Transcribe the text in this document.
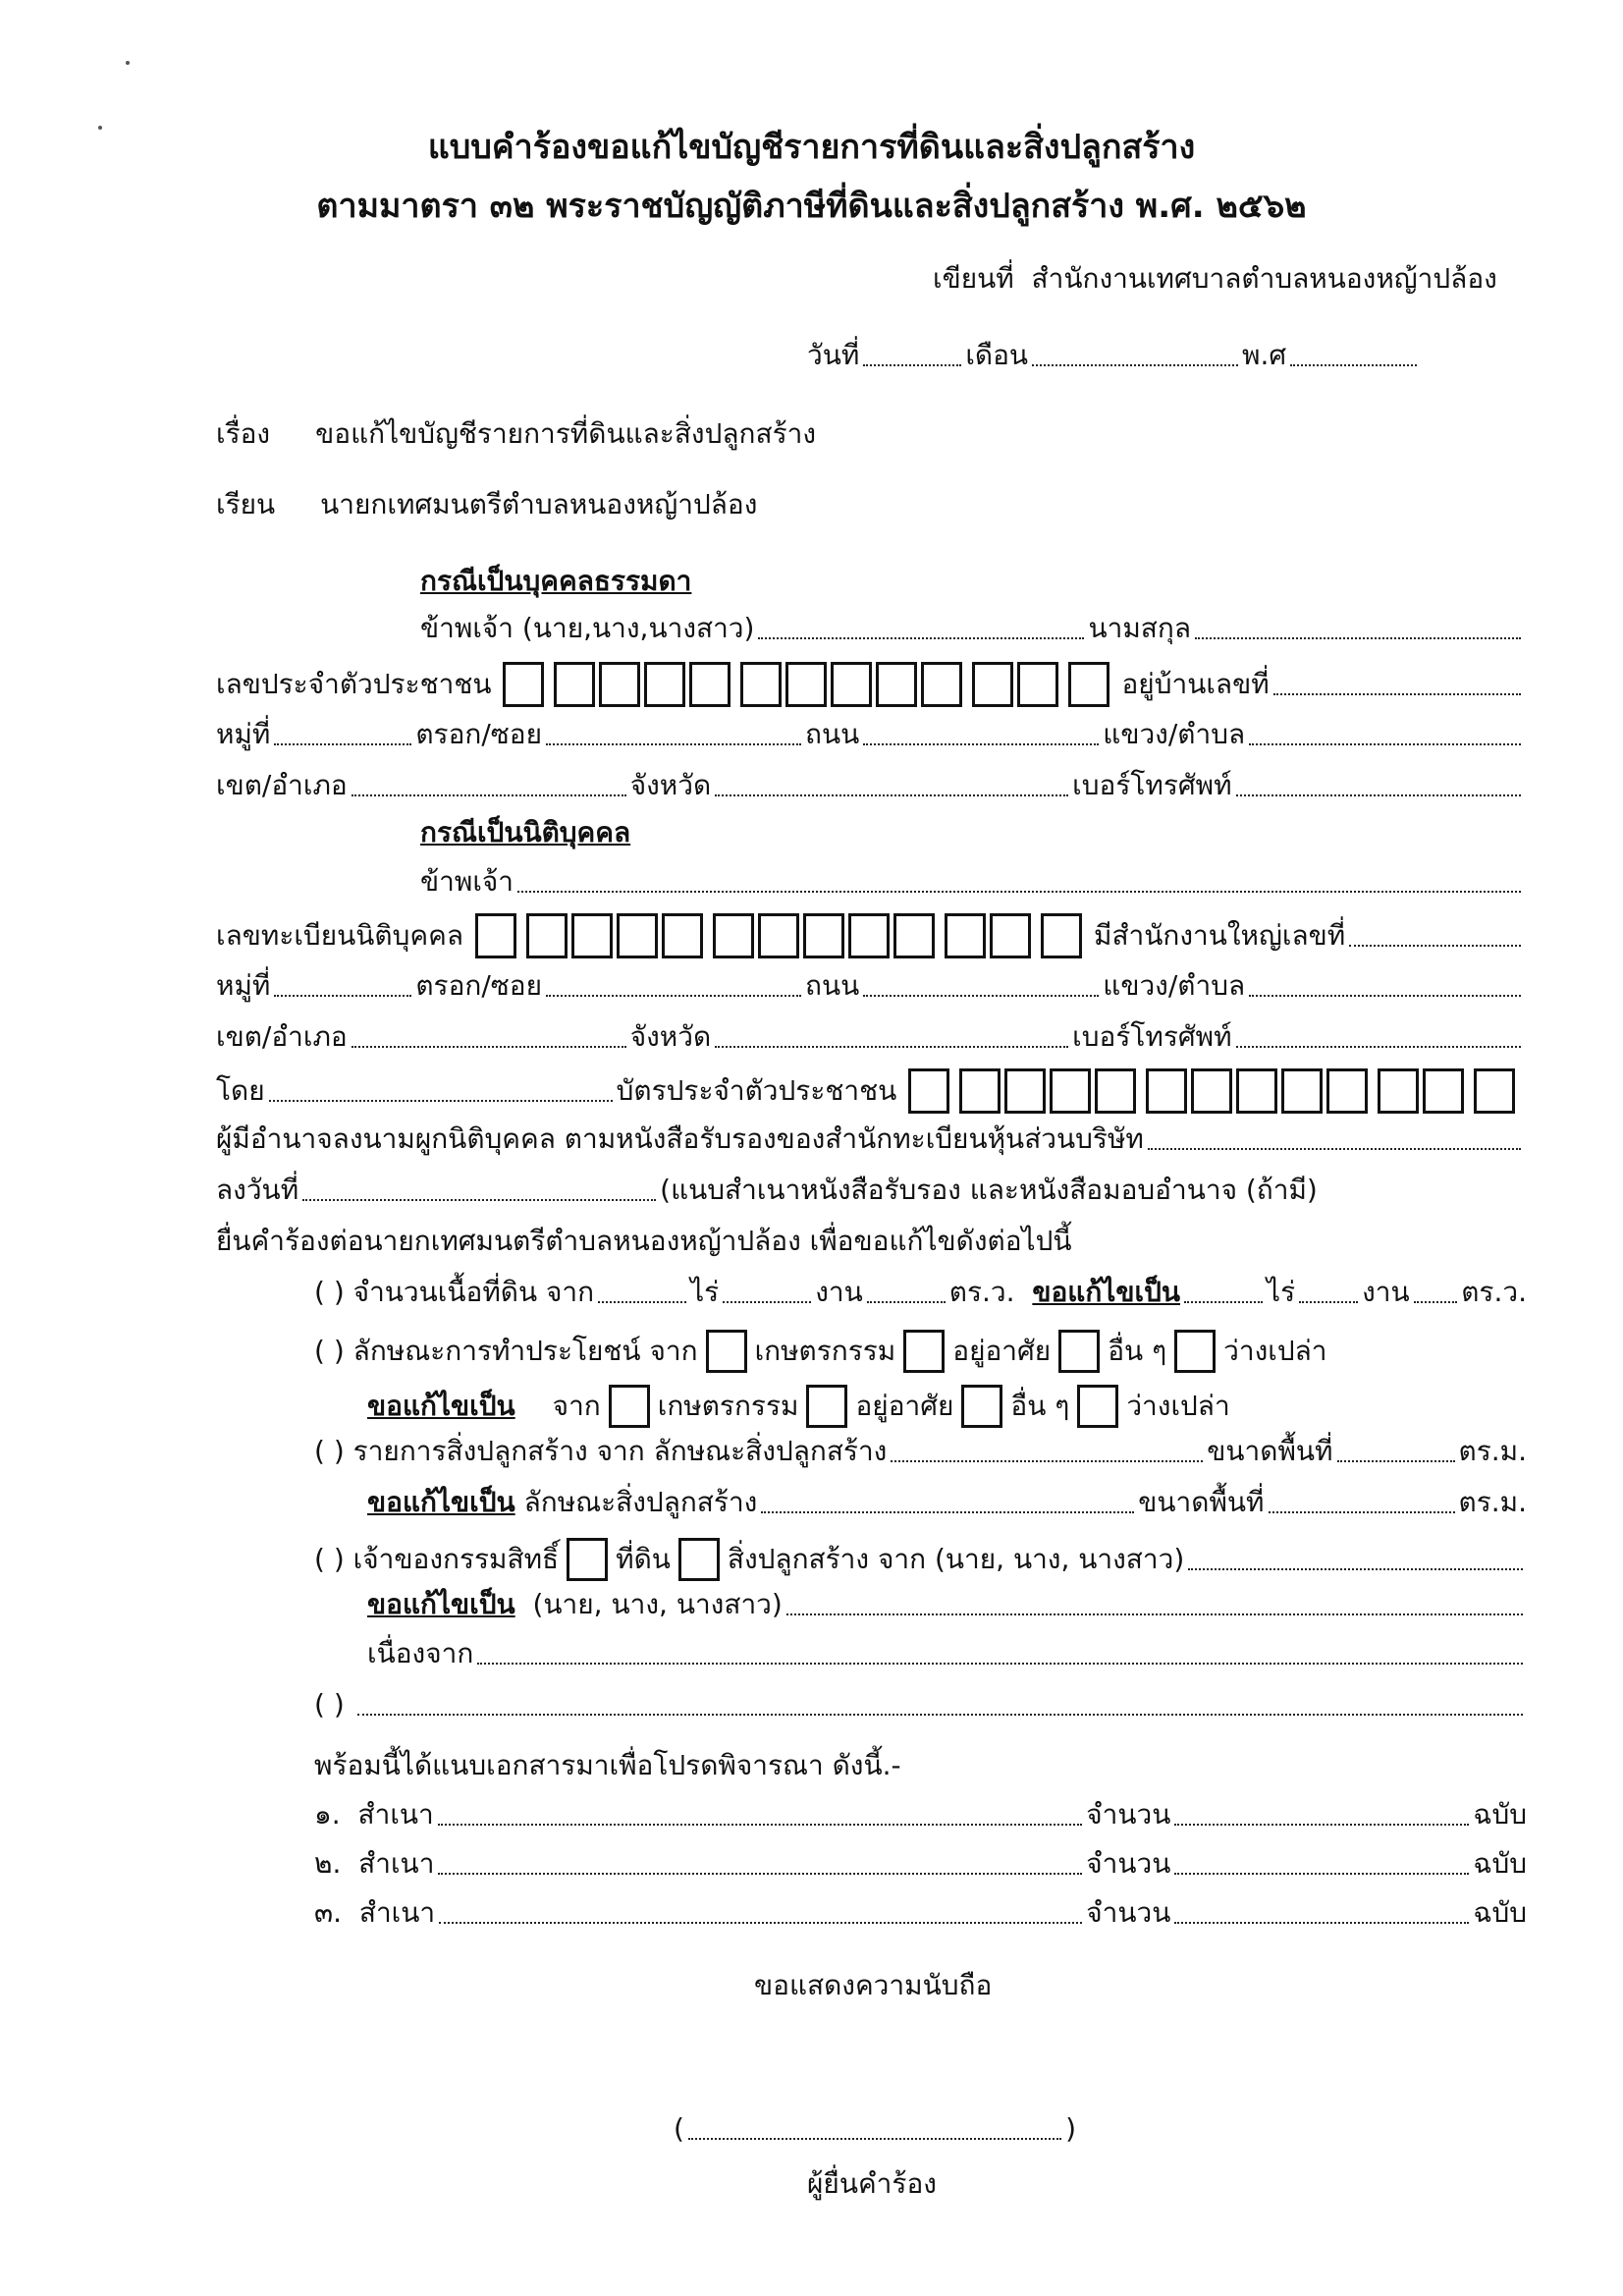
แบบคำร้องขอแก้ไขบัญชีรายการที่ดินและสิ่งปลูกสร้าง
ตามมาตรา ๓๒ พระราชบัญญัติภาษีที่ดินและสิ่งปลูกสร้าง พ.ศ. ๒๕๖๒
เขียนที่ สำนักงานเทศบาลตำบลหนองหญ้าปล้อง
วันที่	เดือน	พ.ศ
เรื่อง ขอแก้ไขบัญชีรายการที่ดินและสิ่งปลูกสร้าง
เรียน นายกเทศมนตรีตำบลหนองหญ้าปล้อง
กรณีเป็นบุคคลธรรมดา
ข้าพเจ้า (นาย,นาง,นางสาว)	นามสกุล
เลขประจำตัวประชาชน	อยู่บ้านเลขที่
หมู่ที่	ตรอก/ซอย	ถนน	แขวง/ตำบล
เขต/อำเภอ	จังหวัด	เบอร์โทรศัพท์
กรณีเป็นนิติบุคคล
ข้าพเจ้า
เลขทะเบียนนิติบุคคล	มีสำนักงานใหญ่เลขที่
หมู่ที่	ตรอก/ซอย	ถนน	แขวง/ตำบล
เขต/อำเภอ	จังหวัด	เบอร์โทรศัพท์
โดย	บัตรประจำตัวประชาชน
ผู้มีอำนาจลงนามผูกนิติบุคคล ตามหนังสือรับรองของสำนักทะเบียนหุ้นส่วนบริษัท
ลงวันที่	(แนบสำเนาหนังสือรับรอง และหนังสือมอบอำนาจ (ถ้ามี)
ยื่นคำร้องต่อนายกเทศมนตรีตำบลหนองหญ้าปล้อง เพื่อขอแก้ไขดังต่อไปนี้
( )
จำนวนเนื้อที่ดิน จาก	ไร่	งาน	ตร.ว.
ขอแก้ไขเป็น	ไร่ งาน ตร.ว.
( )
ลักษณะการทำประโยชน์ จาก เกษตรกรรม อยู่อาศัย อื่น ๆ ว่างเปล่า
ขอแก้ไขเป็น จาก เกษตรกรรม อยู่อาศัย อื่น ๆ ว่างเปล่า
( )
รายการสิ่งปลูกสร้าง จาก ลักษณะสิ่งปลูกสร้าง	ขนาดพื้นที่	ตร.ม.
ขอแก้ไขเป็น
ลักษณะสิ่งปลูกสร้าง	ขนาดพื้นที่	ตร.ม.
( )
เจ้าของกรรมสิทธิ์ ที่ดิน สิ่งปลูกสร้าง จาก (นาย, นาง, นางสาว)
ขอแก้ไขเป็น
(นาย, นาง, นางสาว)
เนื่องจาก
( )

พร้อมนี้ได้แนบเอกสารมาเพื่อโปรดพิจารณา ดังนี้.-
๑.
สำเนา	จำนวน	ฉบับ
๒.
สำเนา	จำนวน	ฉบับ
๓.
สำเนา	จำนวน	ฉบับ
ขอแสดงความนับถือ
(	)
ผู้ยื่นคำร้อง
